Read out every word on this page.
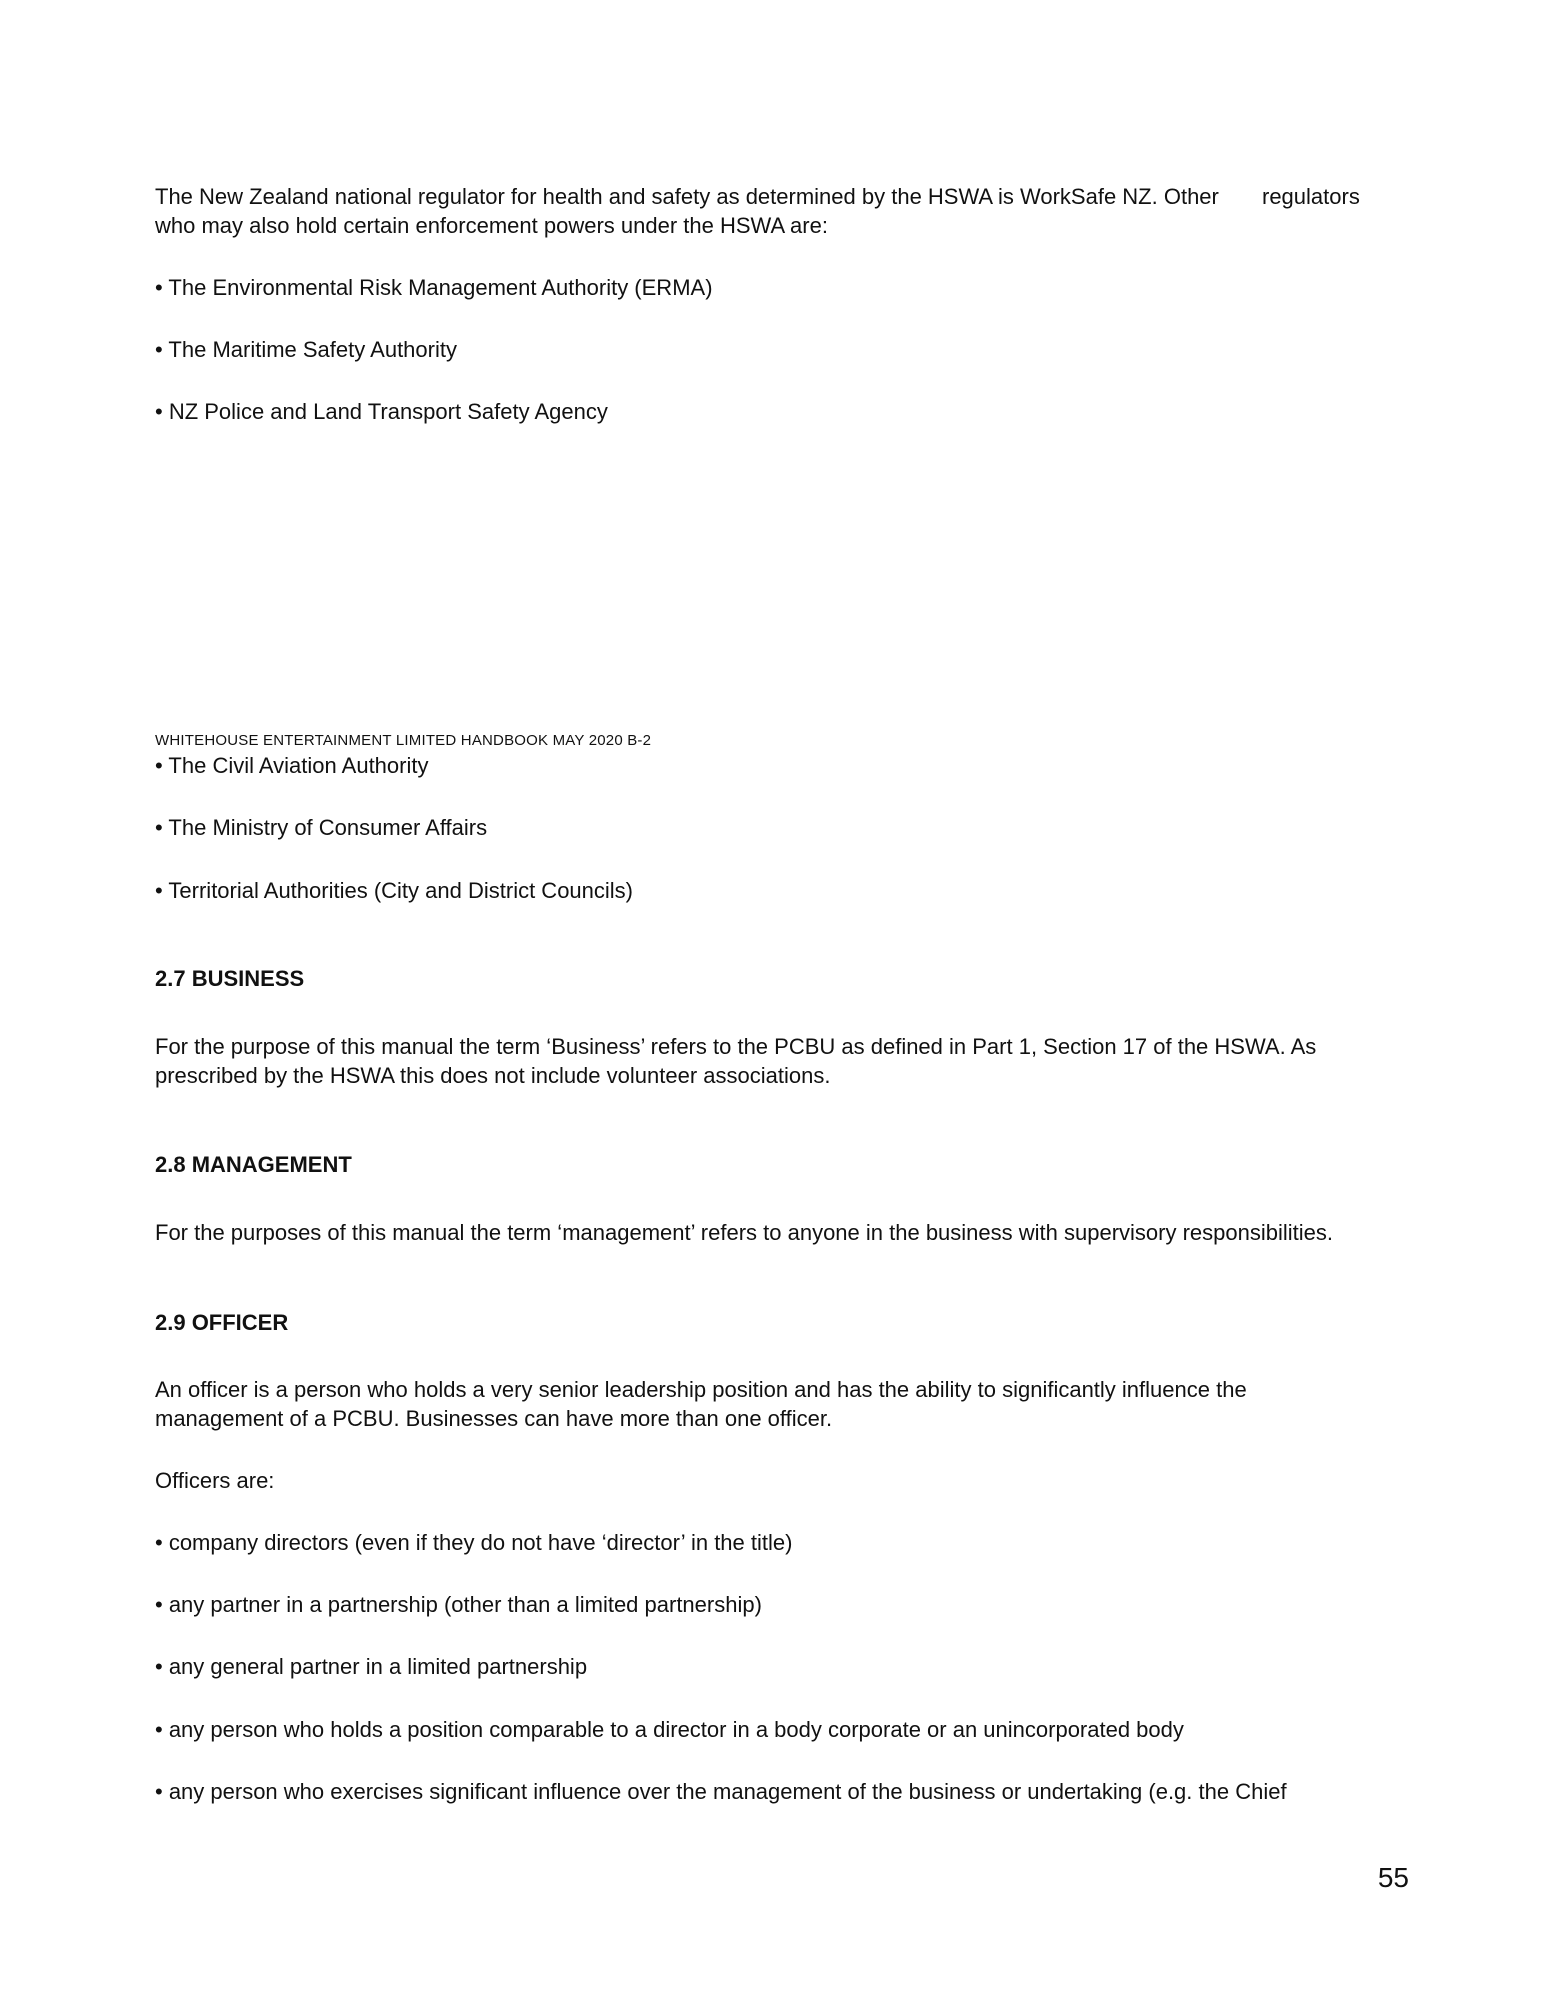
The New Zealand national regulator for health and safety as determined by the HSWA is WorkSafe NZ. Other regulators

who may also hold certain enforcement powers under the HSWA are:

• The Environmental Risk Management Authority (ERMA)

• The Maritime Safety Authority

• NZ Police and Land Transport Safety Agency

WHITEHOUSE ENTERTAINMENT LIMITED HANDBOOK MAY 2020 B-2

• The Civil Aviation Authority

• The Ministry of Consumer Affairs

• Territorial Authorities (City and District Councils)

2.7 BUSINESS

For the purpose of this manual the term ‘Business’ refers to the PCBU as defined in Part 1, Section 17 of the HSWA. As

prescribed by the HSWA this does not include volunteer associations.

2.8 MANAGEMENT

For the purposes of this manual the term ‘management’ refers to anyone in the business with supervisory responsibilities.

2.9 OFFICER

An officer is a person who holds a very senior leadership position and has the ability to significantly influence the

management of a PCBU. Businesses can have more than one officer.

Officers are:

• company directors (even if they do not have ‘director’ in the title)

• any partner in a partnership (other than a limited partnership)

• any general partner in a limited partnership

• any person who holds a position comparable to a director in a body corporate or an unincorporated body

• any person who exercises significant influence over the management of the business or undertaking (e.g. the Chief

55
